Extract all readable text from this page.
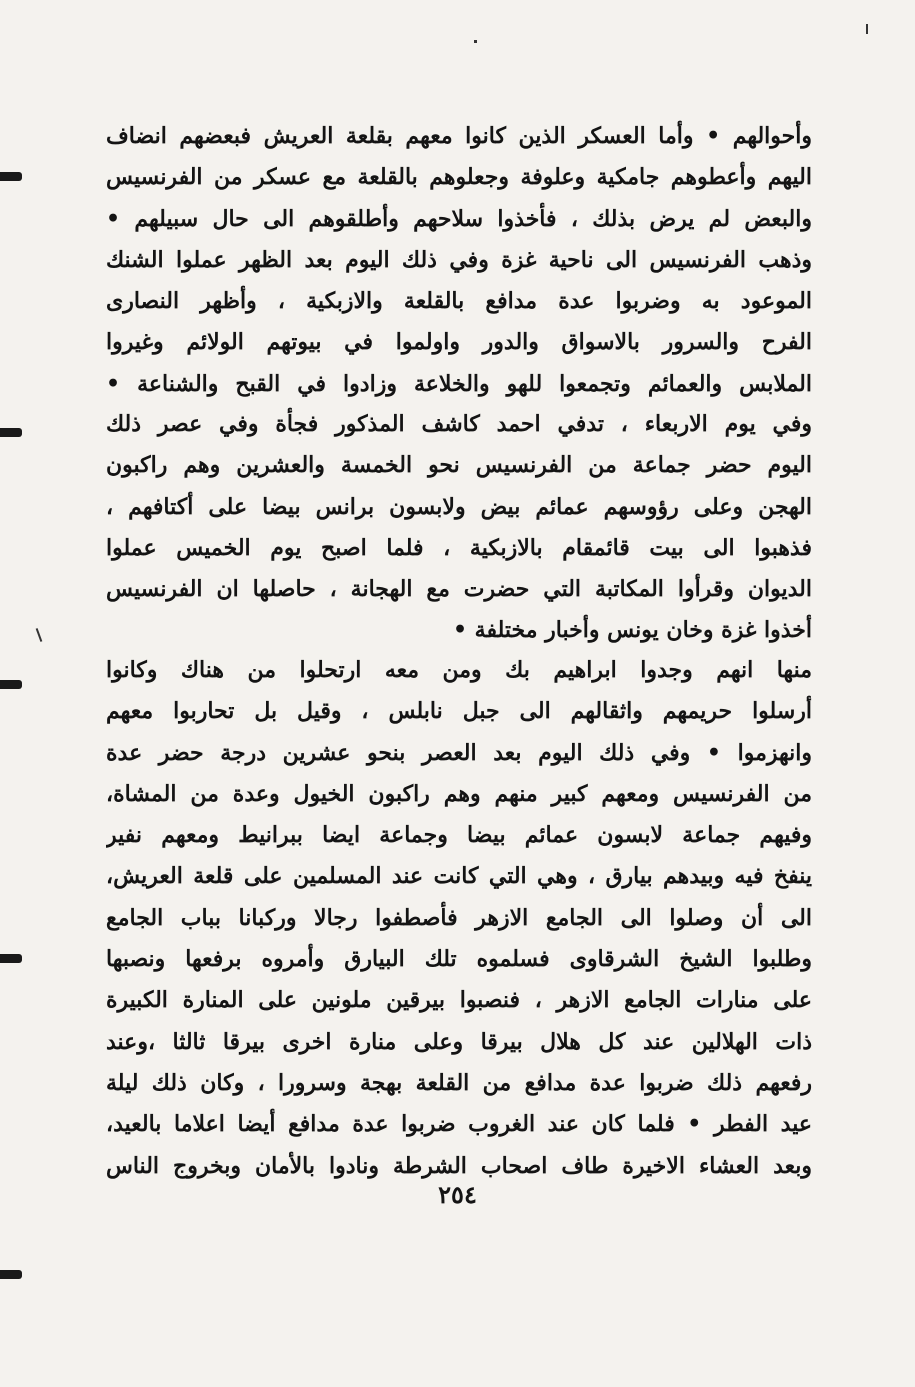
وأحوالهم • وأما العسكر الذين كانوا معهم بقلعة العريش فبعضهم انضاف
اليهم وأعطوهم جامكية وعلوفة وجعلوهم بالقلعة مع عسكر من الفرنسيس
والبعض لم يرض بذلك ، فأخذوا سلاحهم وأطلقوهم الى حال سبيلهم •
وذهب الفرنسيس الى ناحية غزة وفي ذلك اليوم بعد الظهر عملوا الشنك
الموعود به وضربوا عدة مدافع بالقلعة والازبكية ، وأظهر النصارى
الفرح والسرور بالاسواق والدور واولموا في بيوتهم الولائم وغيروا
الملابس والعمائم وتجمعوا للهو والخلاعة وزادوا في القبح والشناعة •
وفي يوم الاربعاء ، تدفي احمد كاشف المذكور فجأة وفي عصر ذلك
اليوم حضر جماعة من الفرنسيس نحو الخمسة والعشرين وهم راكبون
الهجن وعلى رؤوسهم عمائم بيض ولابسون برانس بيضا على أكتافهم ،
فذهبوا الى بيت قائمقام بالازبكية ، فلما اصبح يوم الخميس عملوا
الديوان وقرأوا المكاتبة التي حضرت مع الهجانة ، حاصلها ان الفرنسيس
أخذوا غزة وخان يونس وأخبار مختلفة •
منها انهم وجدوا ابراهيم بك ومن معه ارتحلوا من هناك وكانوا
أرسلوا حريمهم واثقالهم الى جبل نابلس ، وقيل بل تحاربوا معهم
وانهزموا • وفي ذلك اليوم بعد العصر بنحو عشرين درجة حضر عدة
من الفرنسيس ومعهم كبير منهم وهم راكبون الخيول وعدة من المشاة،
وفيهم جماعة لابسون عمائم بيضا وجماعة ايضا ببرانيط ومعهم نفير
ينفخ فيه وبيدهم بيارق ، وهي التي كانت عند المسلمين على قلعة العريش،
الى أن وصلوا الى الجامع الازهر فأصطفوا رجالا وركبانا بباب الجامع
وطلبوا الشيخ الشرقاوى فسلموه تلك البيارق وأمروه برفعها ونصبها
على منارات الجامع الازهر ، فنصبوا بيرقين ملونين على المنارة الكبيرة
ذات الهلالين عند كل هلال بيرقا وعلى منارة اخرى بيرقا ثالثا ،وعند
رفعهم ذلك ضربوا عدة مدافع من القلعة بهجة وسرورا ، وكان ذلك ليلة
عيد الفطر • فلما كان عند الغروب ضربوا عدة مدافع أيضا اعلاما بالعيد،
وبعد العشاء الاخيرة طاف اصحاب الشرطة ونادوا بالأمان وبخروج الناس
٢٥٤
